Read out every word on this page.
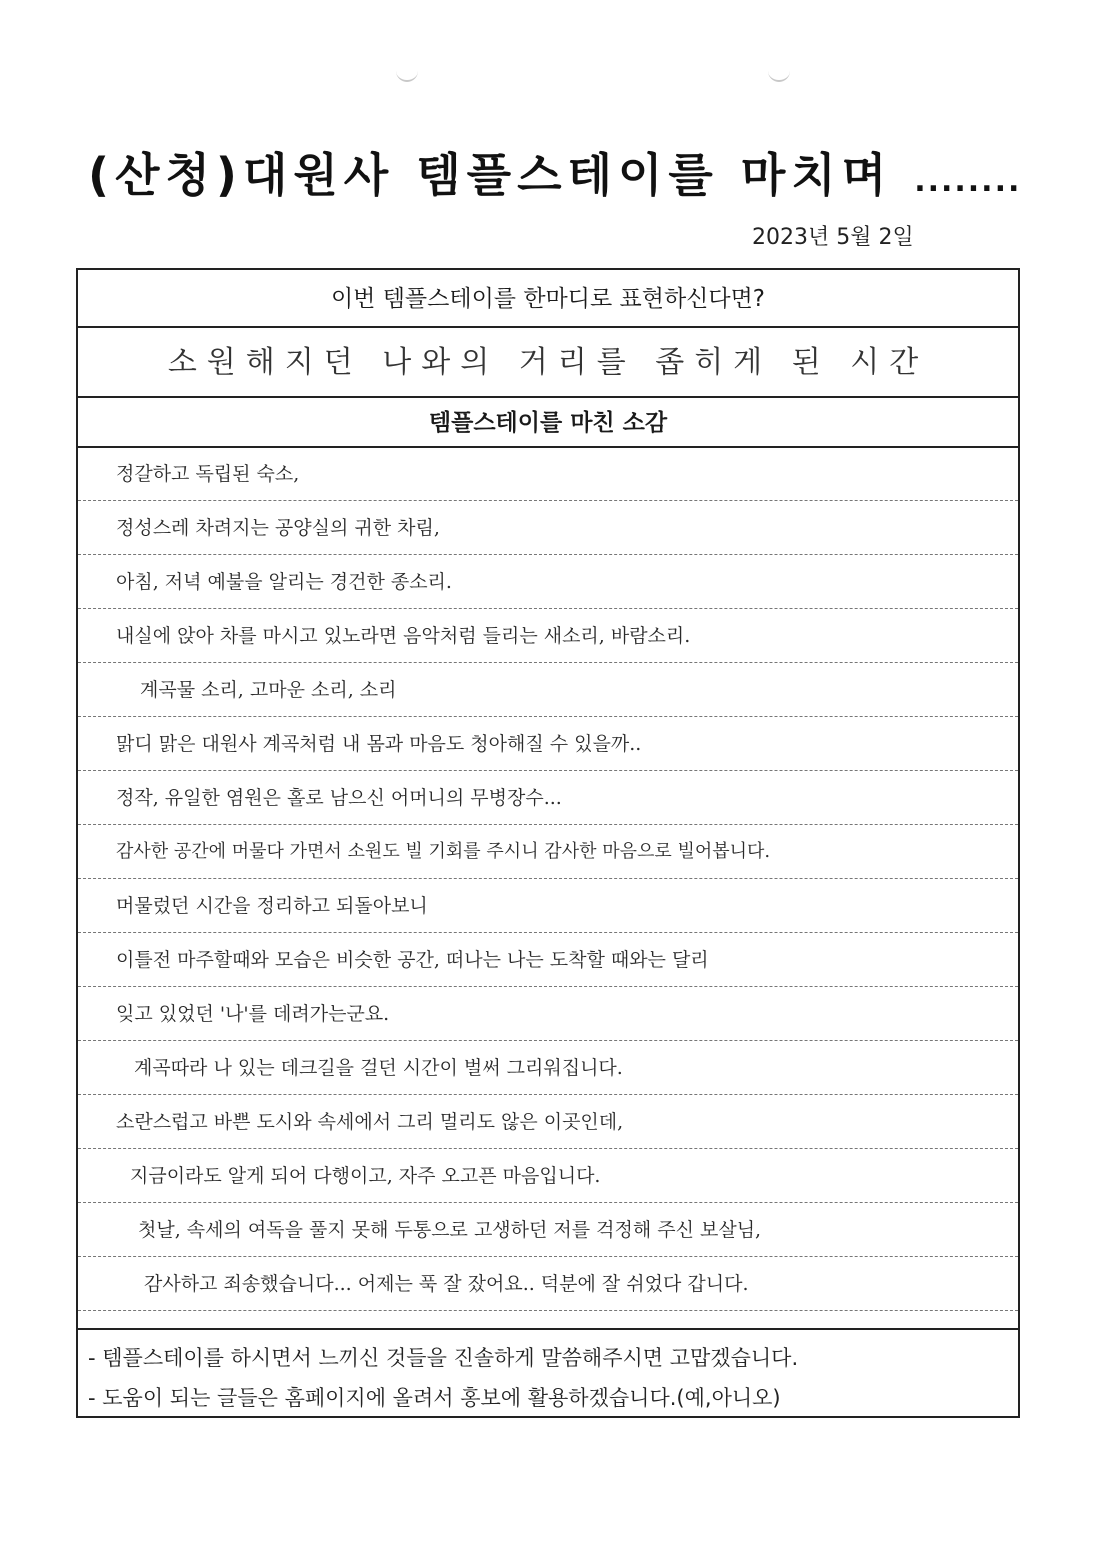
(산청)대원사 템플스테이를 마치며 ........
2023년 5월 2일
이번 템플스테이를 한마디로 표현하신다면?
소원해지던 나와의 거리를 좁히게 된 시간
템플스테이를 마친 소감
정갈하고 독립된 숙소,
정성스레 차려지는 공양실의 귀한 차림,
아침, 저녁 예불을 알리는 경건한 종소리.
내실에 앉아 차를 마시고 있노라면 음악처럼 들리는 새소리, 바람소리.
계곡물 소리, 고마운 소리, 소리
맑디 맑은 대원사 계곡처럼 내 몸과 마음도 청아해질 수 있을까..
정작, 유일한 염원은 홀로 남으신 어머니의 무병장수...
감사한 공간에 머물다 가면서 소원도 빌 기회를 주시니 감사한 마음으로 빌어봅니다.
머물렀던 시간을 정리하고 되돌아보니
이틀전 마주할때와 모습은 비슷한 공간, 떠나는 나는 도착할 때와는 달리
잊고 있었던 '나'를 데려가는군요.
계곡따라 나 있는 데크길을 걸던 시간이 벌써 그리워집니다.
소란스럽고 바쁜 도시와 속세에서 그리 멀리도 않은 이곳인데,
지금이라도 알게 되어 다행이고, 자주 오고픈 마음입니다.
첫날, 속세의 여독을 풀지 못해 두통으로 고생하던 저를 걱정해 주신 보살님,
감사하고 죄송했습니다... 어제는 푹 잘 잤어요.. 덕분에 잘 쉬었다 갑니다.
- 템플스테이를 하시면서 느끼신 것들을 진솔하게 말씀해주시면 고맙겠습니다.
- 도움이 되는 글들은 홈페이지에 올려서 홍보에 활용하겠습니다.(예,아니오)
